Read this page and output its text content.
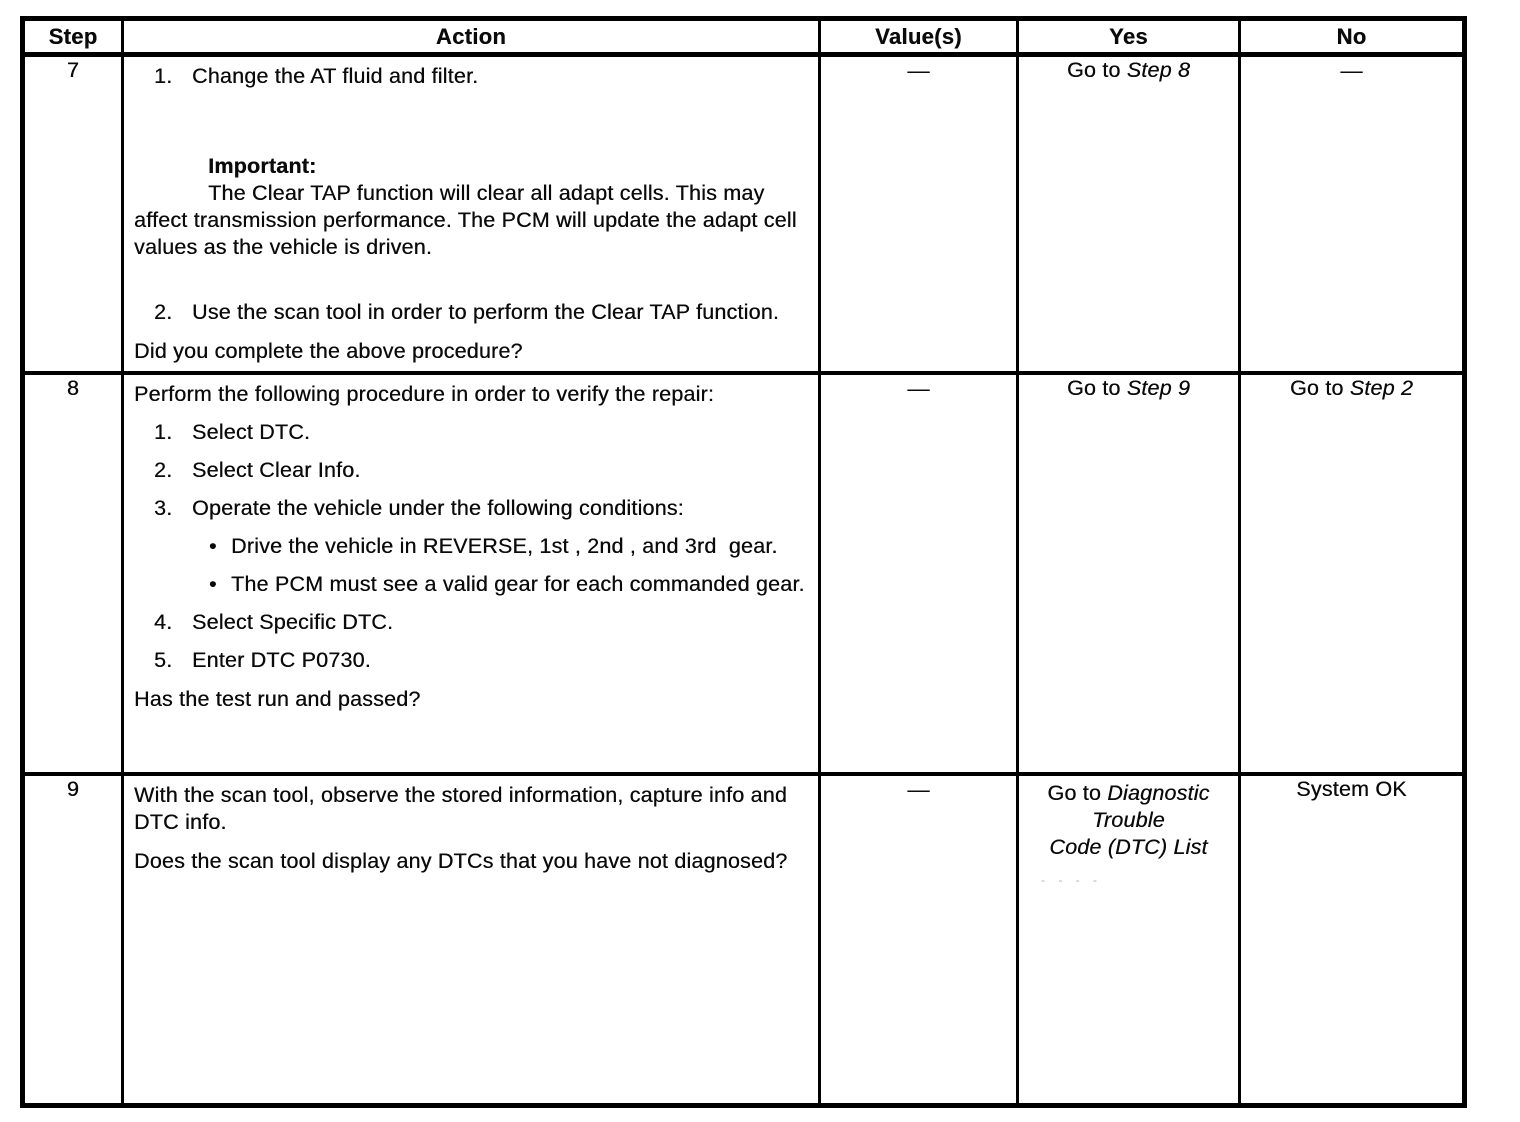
Step	Action	Value(s)	Yes	No
7	1. Change the AT fluid and filter.

Important:
The Clear TAP function will clear all adapt cells. This may affect transmission performance. The PCM will update the adapt cell values as the vehicle is driven.

2. Use the scan tool in order to perform the Clear TAP function.

Did you complete the above procedure?

	—	Go to Step 8	—
8	Perform the following procedure in order to verify the repair:

1. Select DTC.
2. Select Clear Info.
3. Operate the vehicle under the following conditions:
• Drive the vehicle in REVERSE, 1st , 2nd , and 3rd  gear.
• The PCM must see a valid gear for each commanded gear.
4. Select Specific DTC.
5. Enter DTC P0730.

Has the test run and passed?

	—	Go to Step 9	Go to Step 2

9	With the scan tool, observe the stored information, capture info and DTC info.

Does the scan tool display any DTCs that you have not diagnosed?

	—	Go to Diagnostic
Trouble
Code (DTC) List
- - - -
	System OK
